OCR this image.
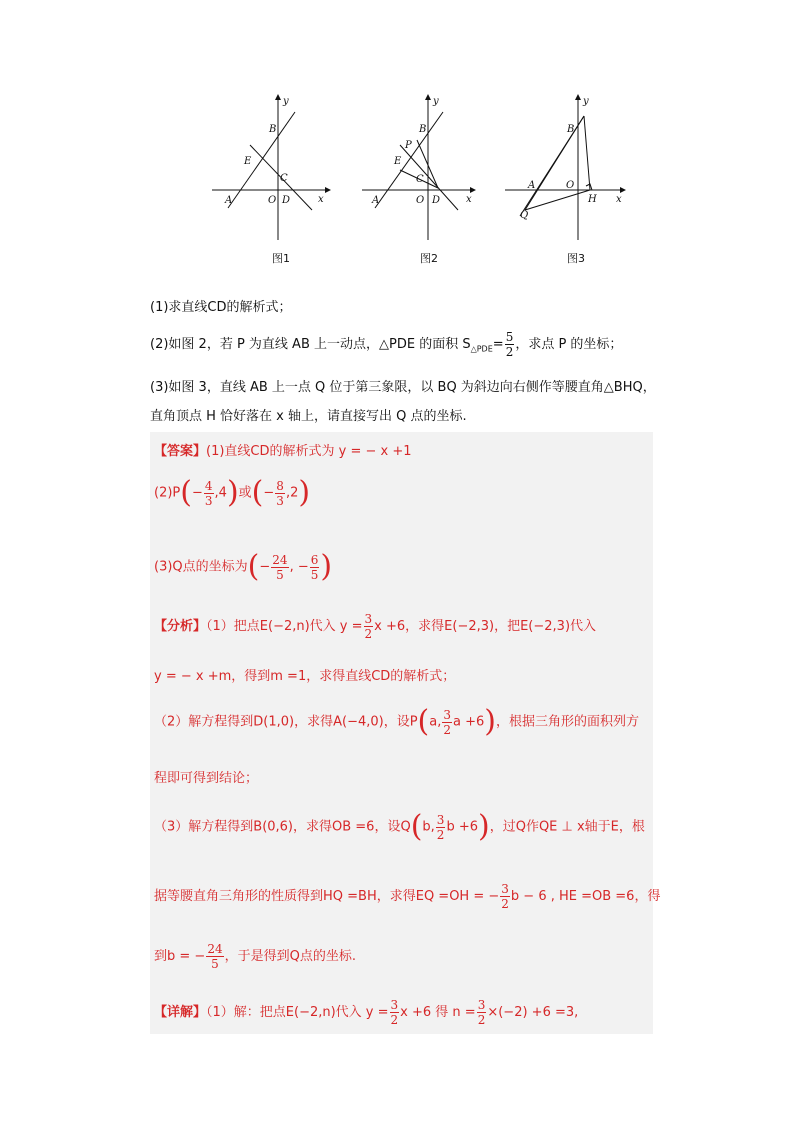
y
x
B
E
C
A	O D
y
x
P
B
E
C
A	O D
y
x
B
A	O
H
Q
图1	图2	图3
(1)求直线CD的解析式；
(2)如图 2，若 P 为直线 AB 上一动点，△PDE 的面积 $S_{\triangle PDE}= \frac{5}{2}$ ，求点 P 的坐标；
(3)如图 3，直线 AB 上一点 Q 位于第三象限，以 BQ 为斜边向右侧作等腰直角△BHQ，
直角顶点 H 恰好落在 x 轴上，请直接写出 Q 点的坐标.
【答案】(1)直线CD的解析式为 y = − x +1
$(2)P(- \frac{4}{3} ,4)$或(− $\frac{8}{3} ,2$)
(3)Q点的坐标为(− $\frac{24}{5}$ , − $\frac{6}{5}$ )
【分析】（1）把点E(−2,n)代入 $y = \frac{3}{2}$ x +6，求得E(−2,3)，把E(−2,3)代入
y = − x +m，得到m =1，求得直线CD的解析式；
（2）解方程得到D(1,0)，求得A(−4,0)，设P(a, $\frac{3}{2}$ a +6)，根据三角形的面积列方
程即可得到结论；
（3）解方程得到B(0,6)，求得OB =6，设Q(b, $\frac{3}{2}$ b +6)，过Q作QE ⊥ x轴于E，根
据等腰直角三角形的性质得到HQ =BH，求得EQ =OH = − $\frac{3}{2}$ b − 6 , HE =OB =6，得
到b = − $\frac{24}{5}$ ，于是得到Q点的坐标.
【详解】（1）解：把点E(−2,n)代入 $y = \frac{3}{2}$ x +6 得 $n = \frac{3}{2} \times(-2) +6 =3$,
